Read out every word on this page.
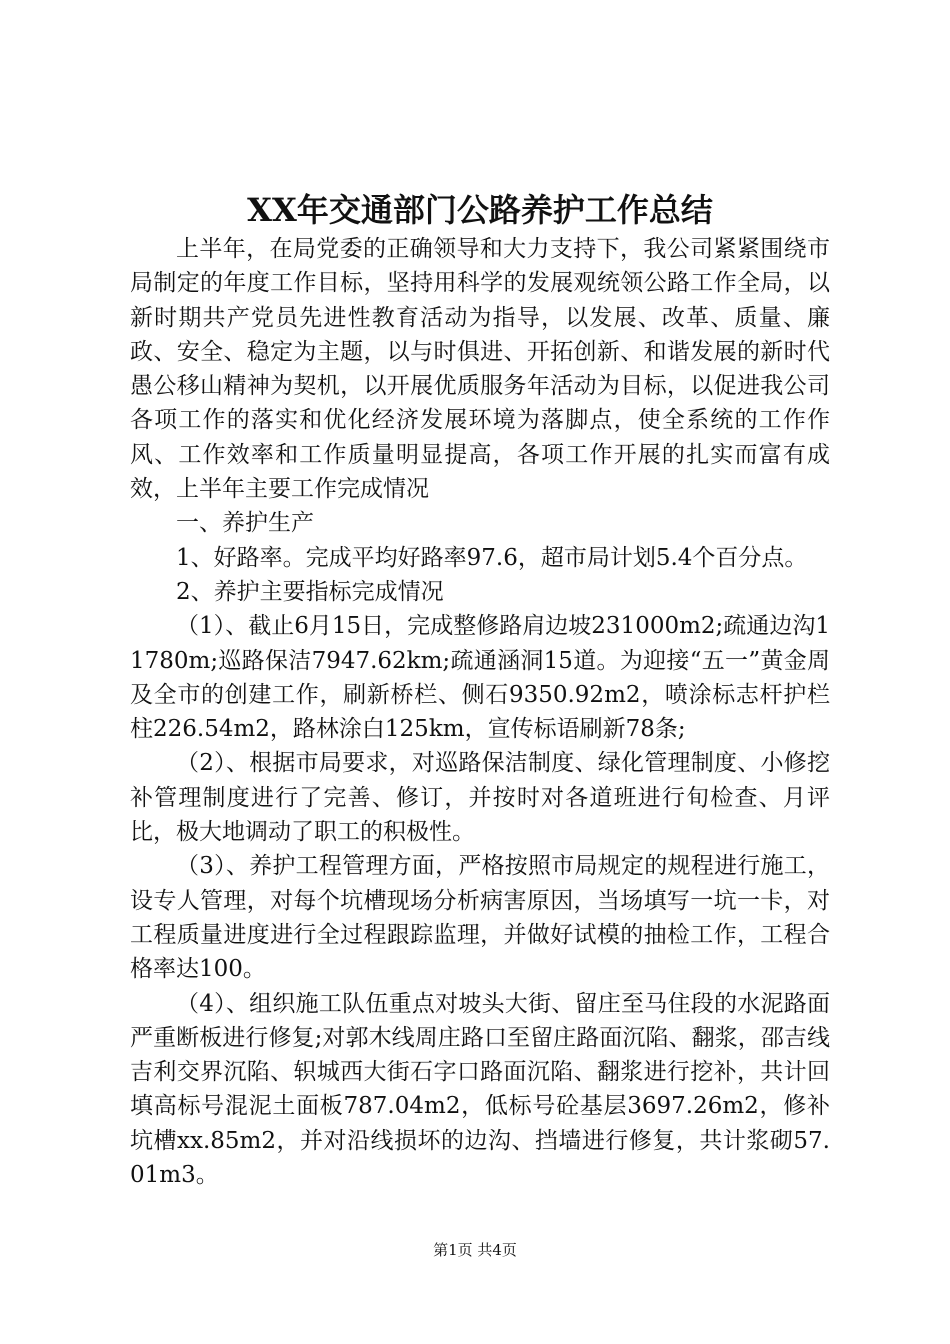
XX年交通部门公路养护工作总结

上半年，在局党委的正确领导和大力支持下，我公司紧紧围绕市局制定的年度工作目标，坚持用科学的发展观统领公路工作全局，以新时期共产党员先进性教育活动为指导，以发展、改革、质量、廉政、安全、稳定为主题，以与时俱进、开拓创新、和谐发展的新时代愚公移山精神为契机，以开展优质服务年活动为目标，以促进我公司各项工作的落实和优化经济发展环境为落脚点，使全系统的工作作风、工作效率和工作质量明显提高，各项工作开展的扎实而富有成效，上半年主要工作完成情况

一、养护生产

1、好路率。完成平均好路率97.6，超市局计划5.4个百分点。

2、养护主要指标完成情况

（1）、截止6月15日，完成整修路肩边坡231000m2;疏通边沟11780m;巡路保洁7947.62km;疏通涵洞15道。为迎接“五一”黄金周及全市的创建工作，刷新桥栏、侧石9350.92m2，喷涂标志杆护栏柱226.54m2，路林涂白125km，宣传标语刷新78条;

（2）、根据市局要求，对巡路保洁制度、绿化管理制度、小修挖补管理制度进行了完善、修订，并按时对各道班进行旬检查、月评比，极大地调动了职工的积极性。

（3）、养护工程管理方面，严格按照市局规定的规程进行施工，设专人管理，对每个坑槽现场分析病害原因，当场填写一坑一卡，对工程质量进度进行全过程跟踪监理，并做好试模的抽检工作，工程合格率达100。

（4）、组织施工队伍重点对坡头大街、留庄至马住段的水泥路面严重断板进行修复;对郭木线周庄路口至留庄路面沉陷、翻浆，邵吉线吉利交界沉陷、轵城西大街石字口路面沉陷、翻浆进行挖补，共计回填高标号混泥土面板787.04m2，低标号砼基层3697.26m2，修补坑槽xx.85m2，并对沿线损坏的边沟、挡墙进行修复，共计浆砌57.01m3。

第1页 共4页
